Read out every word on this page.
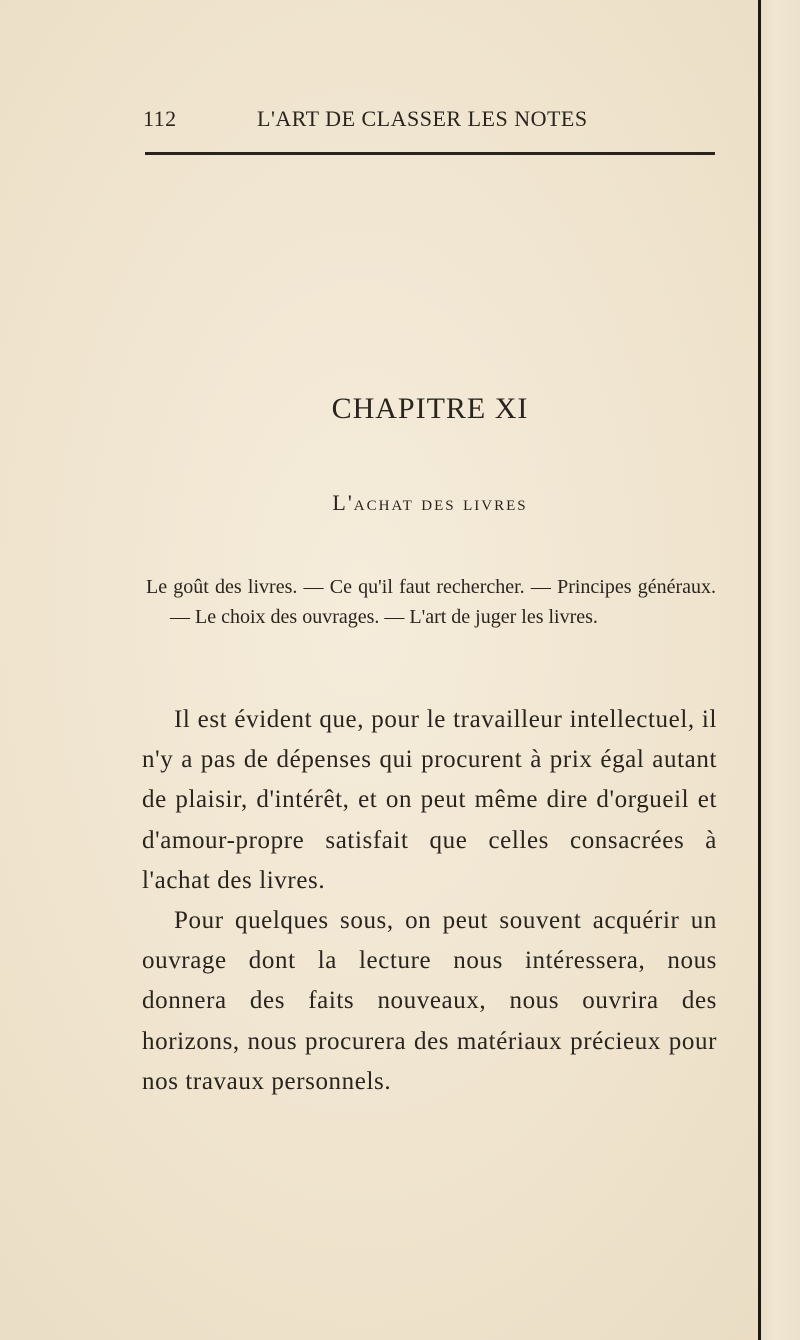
112	L'ART DE CLASSER LES NOTES
CHAPITRE XI
L'achat des livres
Le goût des livres. — Ce qu'il faut rechercher. — Principes généraux. — Le choix des ouvrages. — L'art de juger les livres.

Il est évident que, pour le travailleur intellectuel, il n'y a pas de dépenses qui procurent à prix égal autant de plaisir, d'intérêt, et on peut même dire d'orgueil et d'amour-propre satisfait que celles consacrées à l'achat des livres.

Pour quelques sous, on peut souvent acquérir un ouvrage dont la lecture nous intéressera, nous donnera des faits nouveaux, nous ouvrira des horizons, nous procurera des matériaux précieux pour nos travaux personnels.
